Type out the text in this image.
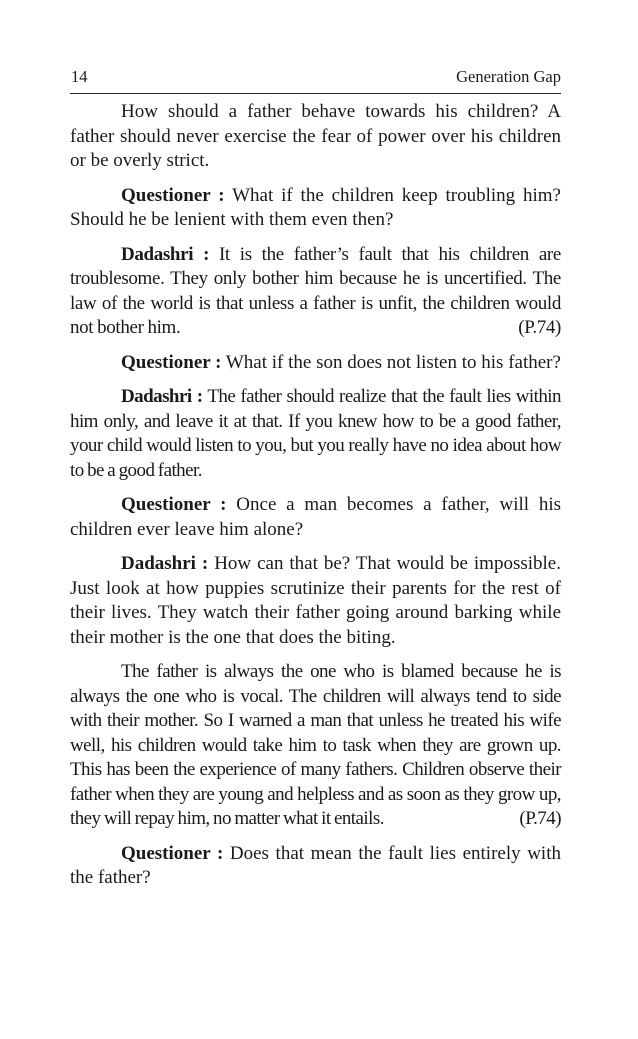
14	Generation Gap

How should a father behave towards his children? A father should never exercise the fear of power over his children or be overly strict.

Questioner : What if the children keep troubling him? Should he be lenient with them even then?

Dadashri : It is the father’s fault that his children are troublesome. They only bother him because he is uncertified. The law of the world is that unless a father is unfit, the children would not bother him.	(P.74)

Questioner : What if the son does not listen to his father?

Dadashri : The father should realize that the fault lies within him only, and leave it at that. If you knew how to be a good father, your child would listen to you, but you really have no idea about how to be a good father.

Questioner : Once a man becomes a father, will his children ever leave him alone?

Dadashri : How can that be? That would be impossible. Just look at how puppies scrutinize their parents for the rest of their lives. They watch their father going around barking while their mother is the one that does the biting.

The father is always the one who is blamed because he is always the one who is vocal. The children will always tend to side with their mother. So I warned a man that unless he treated his wife well, his children would take him to task when they are grown up. This has been the experience of many fathers. Children observe their father when they are young and helpless and as soon as they grow up, they will repay him, no matter what it entails.	(P.74)

Questioner : Does that mean the fault lies entirely with the father?
